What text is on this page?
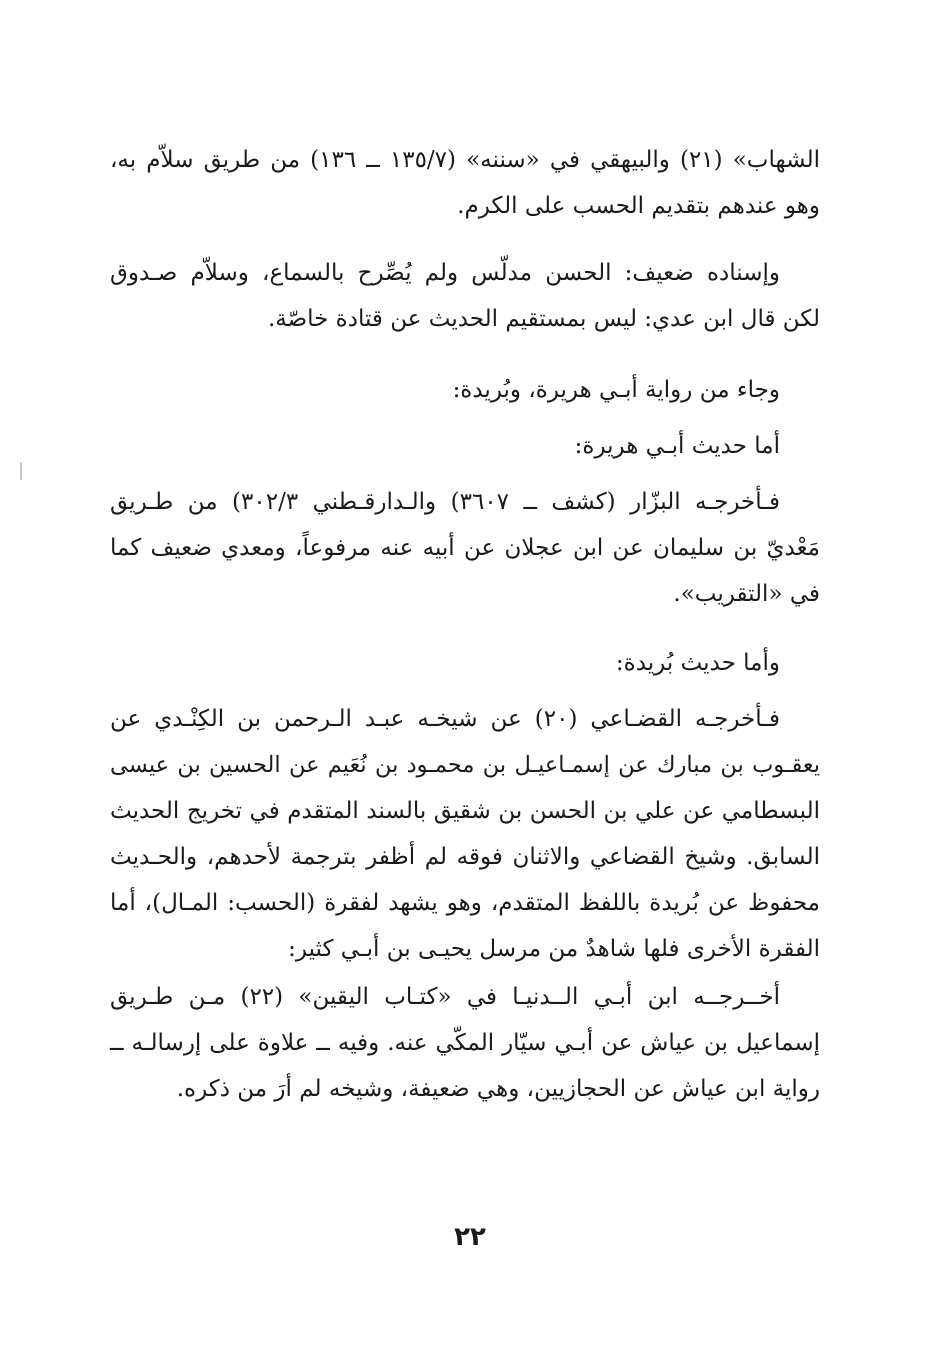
الشهاب» (٢١) والبيهقي في «سننه» (١٣٥/٧ ــ ١٣٦) من طريق سلاّم به،
وهو عندهم بتقديم الحسب على الكرم.
وإسناده ضعيف: الحسن مدلّس ولم يُصِّرح بالسماع، وسلاّم صـدوق
لكن قال ابن عدي: ليس بمستقيم الحديث عن قتادة خاصّة.
وجاء من رواية أبـي هريرة، وبُريدة:
أما حديث أبـي هريرة:
فـأخرجـه البزّار (كشف ــ ٣٦٠٧) والـدارقـطني ٣٠٢/٣) من طـريق
مَعْديّ بن سليمان عن ابن عجلان عن أبيه عنه مرفوعاً، ومعدي ضعيف كما
في «التقريب».
وأما حديث بُريدة:
فـأخرجـه القضـاعي (٢٠) عن شيخـه عبـد الـرحمن بن الكِنْـدي عن
يعقـوب بن مبارك عن إسمـاعيـل بن محمـود بن نُعَيم عن الحسين بن عيسى
البسطامي عن علي بن الحسن بن شقيق بالسند المتقدم في تخريج الحديث
السابق. وشيخ القضاعي والاثنان فوقه لم أظفر بترجمة لأحدهم، والحـديث
محفوظ عن بُريدة باللفظ المتقدم، وهو يشهد لفقرة (الحسب: المـال)، أما
الفقرة الأخرى فلها شاهدٌ من مرسل يحيـى بن أبـي كثير:
أخــرجــه ابن أبـي الــدنيـا في «كتـاب اليقين» (٢٢) مـن طـريق
إسماعيل بن عياش عن أبـي سيّار المكّي عنه. وفيه ــ علاوة على إرسالـه ــ
رواية ابن عياش عن الحجازيين، وهي ضعيفة، وشيخه لم أرَ من ذكره.
٢٢
